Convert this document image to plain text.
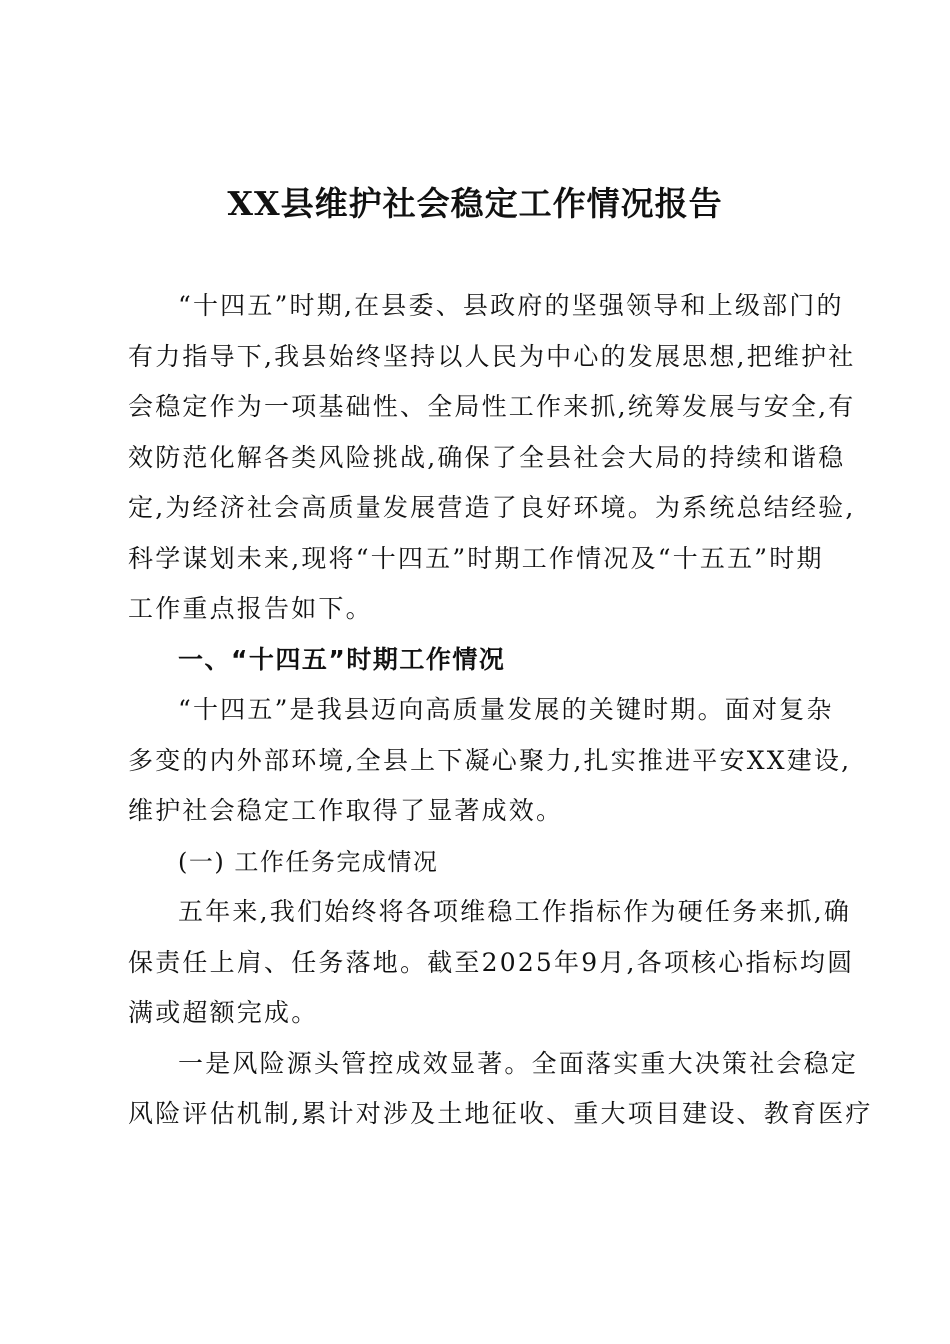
XX县维护社会稳定工作情况报告
“十四五”时期,在县委、县政府的坚强领导和上级部门的
有力指导下,我县始终坚持以人民为中心的发展思想,把维护社
会稳定作为一项基础性、全局性工作来抓,统筹发展与安全,有
效防范化解各类风险挑战,确保了全县社会大局的持续和谐稳
定,为经济社会高质量发展营造了良好环境。为系统总结经验,
科学谋划未来,现将“十四五”时期工作情况及“十五五”时期
工作重点报告如下。
一、“十四五”时期工作情况
“十四五”是我县迈向高质量发展的关键时期。面对复杂
多变的内外部环境,全县上下凝心聚力,扎实推进平安XX建设,
维护社会稳定工作取得了显著成效。
(一) 工作任务完成情况
五年来,我们始终将各项维稳工作指标作为硬任务来抓,确
保责任上肩、任务落地。截至2025年9月,各项核心指标均圆
满或超额完成。
一是风险源头管控成效显著。全面落实重大决策社会稳定
风险评估机制,累计对涉及土地征收、重大项目建设、教育医疗
